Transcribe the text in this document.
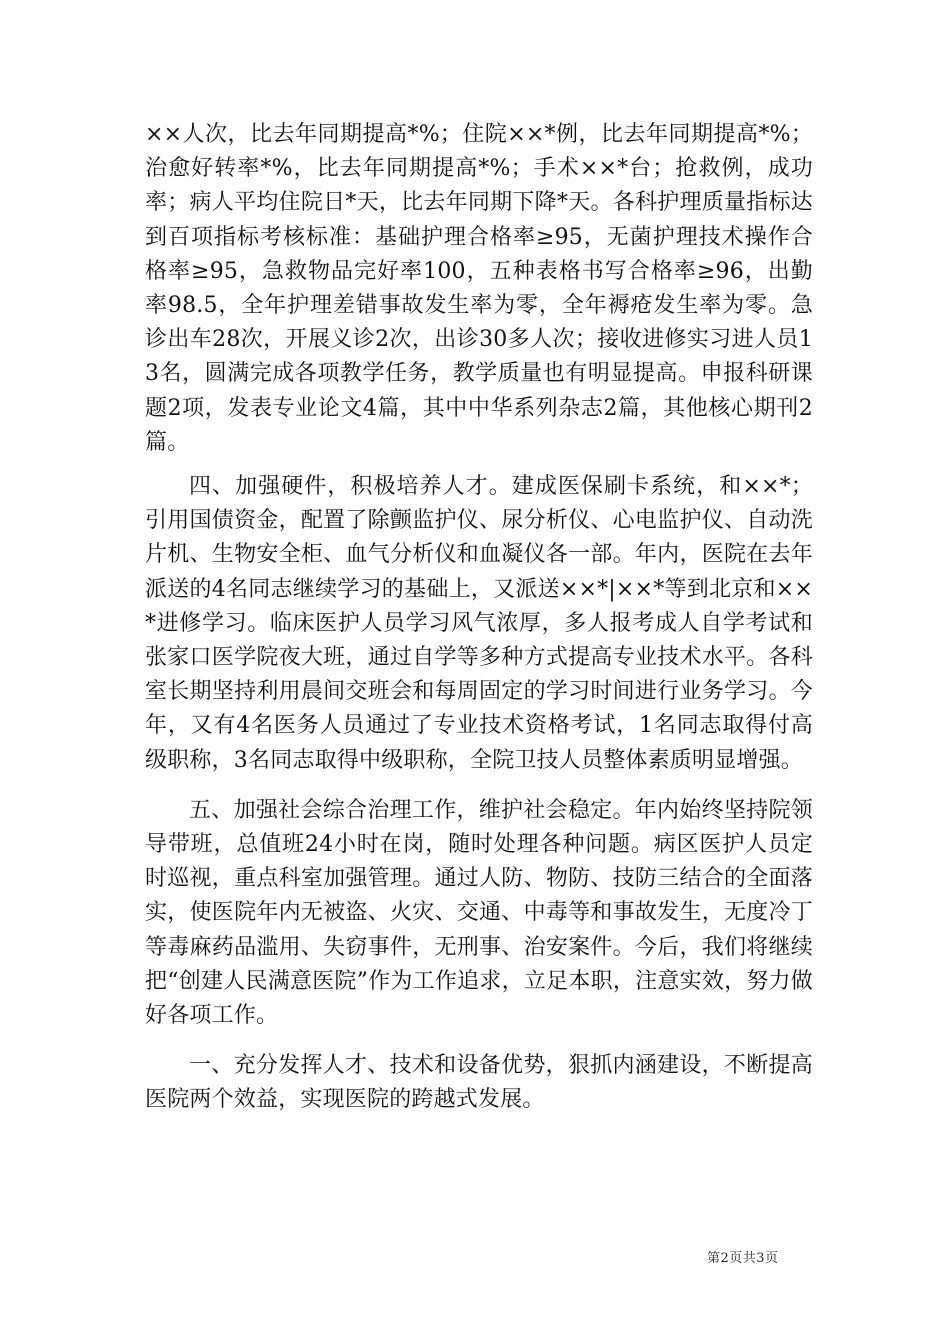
××人次，比去年同期提高*%；住院××*例，比去年同期提高*%；治愈好转率*%，比去年同期提高*%；手术××*台；抢救例，成功率；病人平均住院日*天，比去年同期下降*天。各科护理质量指标达到百项指标考核标准：基础护理合格率≥95，无菌护理技术操作合格率≥95，急救物品完好率100，五种表格书写合格率≥96，出勤率98.5，全年护理差错事故发生率为零，全年褥疮发生率为零。急诊出车28次，开展义诊2次，出诊30多人次；接收进修实习进人员13名，圆满完成各项教学任务，教学质量也有明显提高。申报科研课题2项，发表专业论文4篇，其中中华系列杂志2篇，其他核心期刊2篇。

四、加强硬件，积极培养人才。建成医保刷卡系统，和××*；引用国债资金，配置了除颤监护仪、尿分析仪、心电监护仪、自动洗片机、生物安全柜、血气分析仪和血凝仪各一部。年内，医院在去年派送的4名同志继续学习的基础上，又派送××*|××*等到北京和××*进修学习。临床医护人员学习风气浓厚，多人报考成人自学考试和张家口医学院夜大班，通过自学等多种方式提高专业技术水平。各科室长期坚持利用晨间交班会和每周固定的学习时间进行业务学习。今年，又有4名医务人员通过了专业技术资格考试，1名同志取得付高级职称，3名同志取得中级职称，全院卫技人员整体素质明显增强。

五、加强社会综合治理工作，维护社会稳定。年内始终坚持院领导带班，总值班24小时在岗，随时处理各种问题。病区医护人员定时巡视，重点科室加强管理。通过人防、物防、技防三结合的全面落实，使医院年内无被盗、火灾、交通、中毒等和事故发生，无度冷丁等毒麻药品滥用、失窃事件，无刑事、治安案件。今后，我们将继续把“创建人民满意医院”作为工作追求，立足本职，注意实效，努力做好各项工作。

一、充分发挥人才、技术和设备优势，狠抓内涵建设，不断提高医院两个效益，实现医院的跨越式发展。

第2页共3页
